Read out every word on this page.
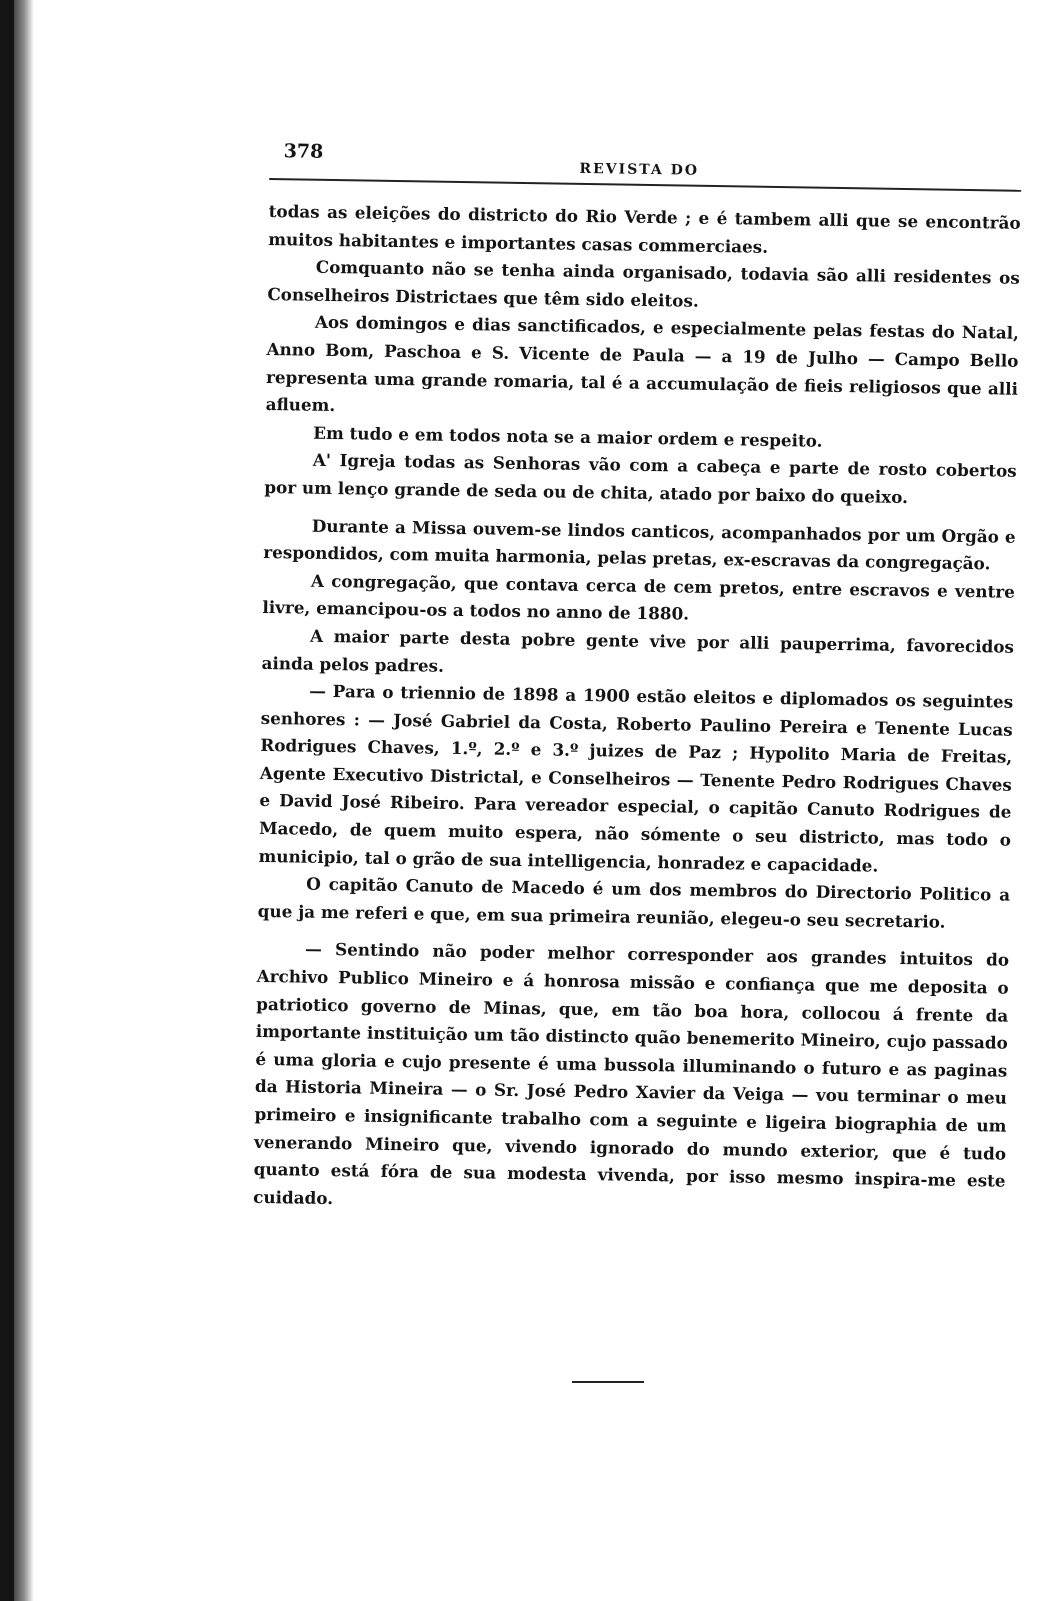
378
REVISTA DO

todas as eleições do districto do Rio Verde ; e é tambem alli que se encontrão muitos habitantes e importantes casas commerciaes.

Comquanto não se tenha ainda organisado, todavia são alli residentes os Conselheiros Districtaes que têm sido eleitos.

Aos domingos e dias sanctificados, e especialmente pelas festas do Natal, Anno Bom, Paschoa e S. Vicente de Paula — a 19 de Julho — Campo Bello representa uma grande romaria, tal é a accumulação de fieis religiosos que alli afluem.

Em tudo e em todos nota se a maior ordem e respeito.

A' Igreja todas as Senhoras vão com a cabeça e parte de rosto cobertos por um lenço grande de seda ou de chita, atado por baixo do queixo.

Durante a Missa ouvem-se lindos canticos, acompanhados por um Orgão e respondidos, com muita harmonia, pelas pretas, ex-escravas da congregação.

A congregação, que contava cerca de cem pretos, entre escravos e ventre livre, emancipou-os a todos no anno de 1880.

A maior parte desta pobre gente vive por alli pauperrima, favorecidos ainda pelos padres.

— Para o triennio de 1898 a 1900 estão eleitos e diplomados os seguintes senhores : — José Gabriel da Costa, Roberto Paulino Pereira e Tenente Lucas Rodrigues Chaves, 1.º, 2.º e 3.º juizes de Paz ; Hypolito Maria de Freitas, Agente Executivo Districtal, e Conselheiros — Tenente Pedro Rodrigues Chaves e David José Ribeiro. Para vereador especial, o capitão Canuto Rodrigues de Macedo, de quem muito espera, não sómente o seu districto, mas todo o municipio, tal o grão de sua intelligencia, honradez e capacidade.

O capitão Canuto de Macedo é um dos membros do Directorio Politico a que ja me referi e que, em sua primeira reunião, elegeu-o seu secretario.

— Sentindo não poder melhor corresponder aos grandes intuitos do Archivo Publico Mineiro e á honrosa missão e confiança que me deposita o patriotico governo de Minas, que, em tão boa hora, collocou á frente da importante instituição um tão distincto quão benemerito Mineiro, cujo passado é uma gloria e cujo presente é uma bussola illuminando o futuro e as paginas da Historia Mineira — o Sr. José Pedro Xavier da Veiga — vou terminar o meu primeiro e insignificante trabalho com a seguinte e ligeira biographia de um venerando Mineiro que, vivendo ignorado do mundo exterior, que é tudo quanto está fóra de sua modesta vivenda, por isso mesmo inspira-me este cuidado.
